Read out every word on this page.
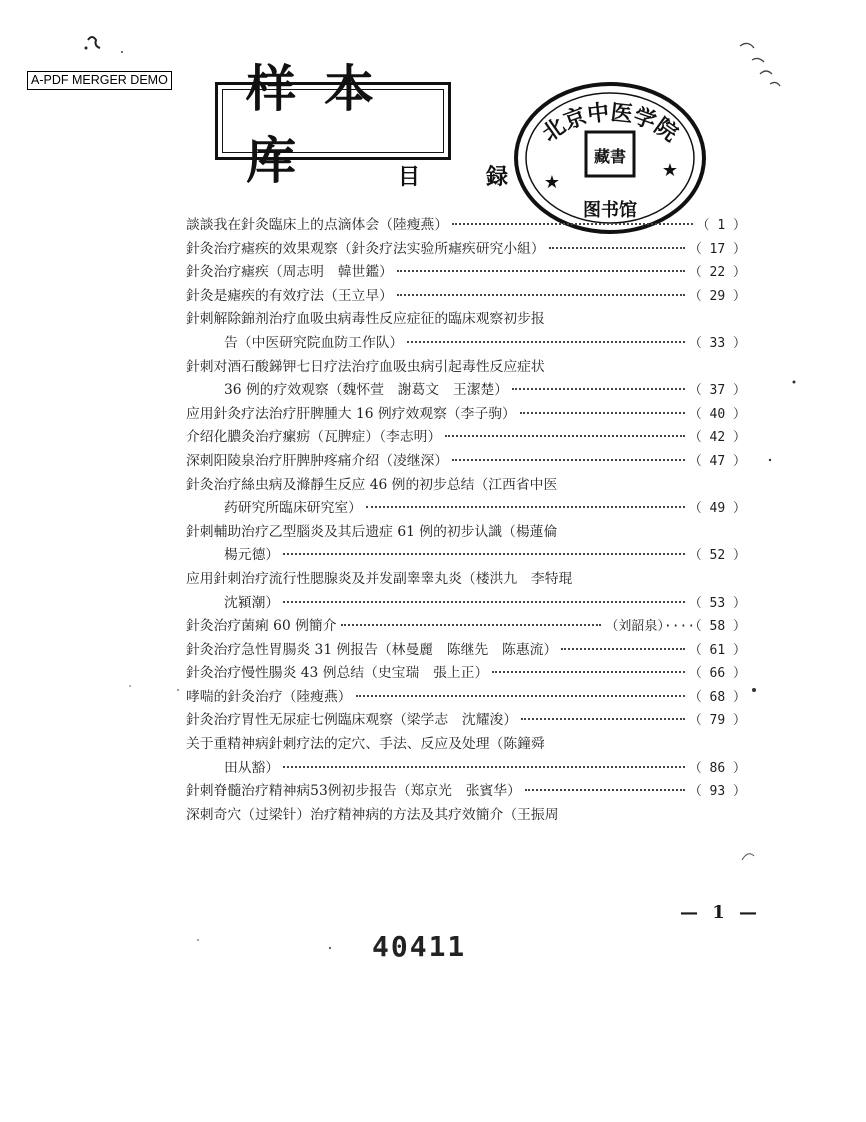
A-PDF MERGER DEMO 样本库	目	録
北京中医学院
藏書
图书馆
★
★
談談我在針灸臨床上的点滴体会（陸瘦燕）	（ 1 ）
針灸治疗瘧疾的效果观察（針灸疗法实验所瘧疾研究小組）	（ 17 ）
針灸治疗瘧疾（周志明　韓世鑑）	（ 22 ）
針灸是瘧疾的有效疗法（王立早）	（ 29 ）
針刺解除錦剂治疗血吸虫病毒性反应症征的臨床观察初步报
告（中医研究院血防工作队）	（ 33 ）
針刺对酒石酸銻钾七日疗法治疗血吸虫病引起毒性反应症状
36 例的疗效观察（魏怀萱　謝葛文　王潔楚）	（ 37 ）
应用針灸疗法治疗肝脾腫大 16 例疗效观察（李子驹）	（ 40 ）
介绍化膿灸治疗瘰疬（瓦脾症）（李志明）	（ 42 ）
深刺阳陵泉治疗肝脾肿疼痛介绍（凌继深）	（ 47 ）
針灸治疗絲虫病及滌靜生反应 46 例的初步总结（江西省中医
药研究所臨床研究室）	（ 49 ）
針刺輔助治疗乙型腦炎及其后遗症 61 例的初步认識（楊蓮倫
楊元德）	（ 52 ）
应用針刺治疗流行性腮腺炎及并发副睾睾丸炎（楼洪九　李特琨
沈潁潮）	（ 53 ）
針灸治疗菌痢 60 例簡介	（刘韶泉）····（ 58 ）
針灸治疗急性胃腸炎 31 例报告（林曼麗　陈继先　陈惠流）	（ 61 ）
針灸治疗慢性腸炎 43 例总结（史宝瑞　張上正）	（ 66 ）
哮喘的針灸治疗（陸瘦燕）	（ 68 ）
針灸治疗胃性无尿症七例臨床观察（梁学志　沈耀浚）	（ 79 ）
关于重精神病針刺疗法的定穴、手法、反应及处理（陈鐘舜
田从豁）	（ 86 ）
針刺脊髓治疗精神病53例初步报告（郑京光　张賓华）	（ 93 ）
深刺奇穴（过梁针）治疗精神病的方法及其疗效簡介（王振周
— 1 —
40411
